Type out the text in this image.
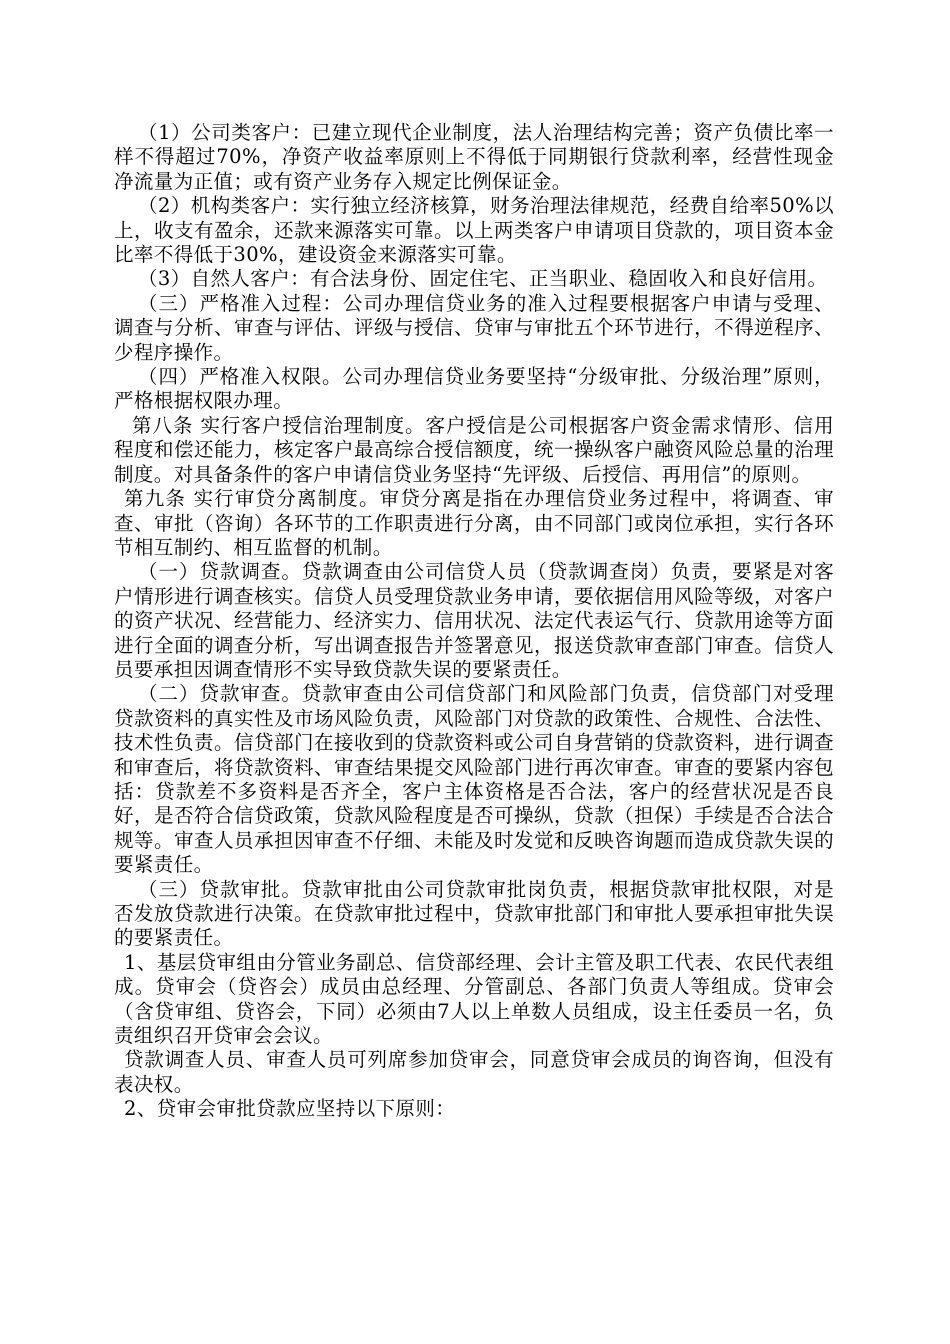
（1）公司类客户：已建立现代企业制度，法人治理结构完善；资产负债比率一样不得超过70%，净资产收益率原则上不得低于同期银行贷款利率，经营性现金净流量为正值；或有资产业务存入规定比例保证金。

（2）机构类客户：实行独立经济核算，财务治理法律规范，经费自给率50%以上，收支有盈余，还款来源落实可靠。以上两类客户申请项目贷款的，项目资本金比率不得低于30%，建设资金来源落实可靠。

（3）自然人客户：有合法身份、固定住宅、正当职业、稳固收入和良好信用。

（三）严格准入过程：公司办理信贷业务的准入过程要根据客户申请与受理、调查与分析、审查与评估、评级与授信、贷审与审批五个环节进行，不得逆程序、少程序操作。

（四）严格准入权限。公司办理信贷业务要坚持“分级审批、分级治理”原则，严格根据权限办理。

第八条 实行客户授信治理制度。客户授信是公司根据客户资金需求情形、信用程度和偿还能力，核定客户最高综合授信额度，统一操纵客户融资风险总量的治理制度。对具备条件的客户申请信贷业务坚持“先评级、后授信、再用信”的原则。

第九条 实行审贷分离制度。审贷分离是指在办理信贷业务过程中，将调查、审查、审批（咨询）各环节的工作职责进行分离，由不同部门或岗位承担，实行各环节相互制约、相互监督的机制。

（一）贷款调查。贷款调查由公司信贷人员（贷款调查岗）负责，要紧是对客户情形进行调查核实。信贷人员受理贷款业务申请，要依据信用风险等级，对客户的资产状况、经营能力、经济实力、信用状况、法定代表运气行、贷款用途等方面进行全面的调查分析，写出调查报告并签署意见，报送贷款审查部门审查。信贷人员要承担因调查情形不实导致贷款失误的要紧责任。

（二）贷款审查。贷款审查由公司信贷部门和风险部门负责，信贷部门对受理贷款资料的真实性及市场风险负责，风险部门对贷款的政策性、合规性、合法性、技术性负责。信贷部门在接收到的贷款资料或公司自身营销的贷款资料，进行调查和审查后，将贷款资料、审查结果提交风险部门进行再次审查。审查的要紧内容包括：贷款差不多资料是否齐全，客户主体资格是否合法，客户的经营状况是否良好，是否符合信贷政策，贷款风险程度是否可操纵，贷款（担保）手续是否合法合规等。审查人员承担因审查不仔细、未能及时发觉和反映咨询题而造成贷款失误的要紧责任。

（三）贷款审批。贷款审批由公司贷款审批岗负责，根据贷款审批权限，对是否发放贷款进行决策。在贷款审批过程中，贷款审批部门和审批人要承担审批失误的要紧责任。

1、基层贷审组由分管业务副总、信贷部经理、会计主管及职工代表、农民代表组成。贷审会（贷咨会）成员由总经理、分管副总、各部门负责人等组成。贷审会（含贷审组、贷咨会，下同）必须由7人以上单数人员组成，设主任委员一名，负责组织召开贷审会会议。

贷款调查人员、审查人员可列席参加贷审会，同意贷审会成员的询咨询，但没有表决权。

2、贷审会审批贷款应坚持以下原则：
